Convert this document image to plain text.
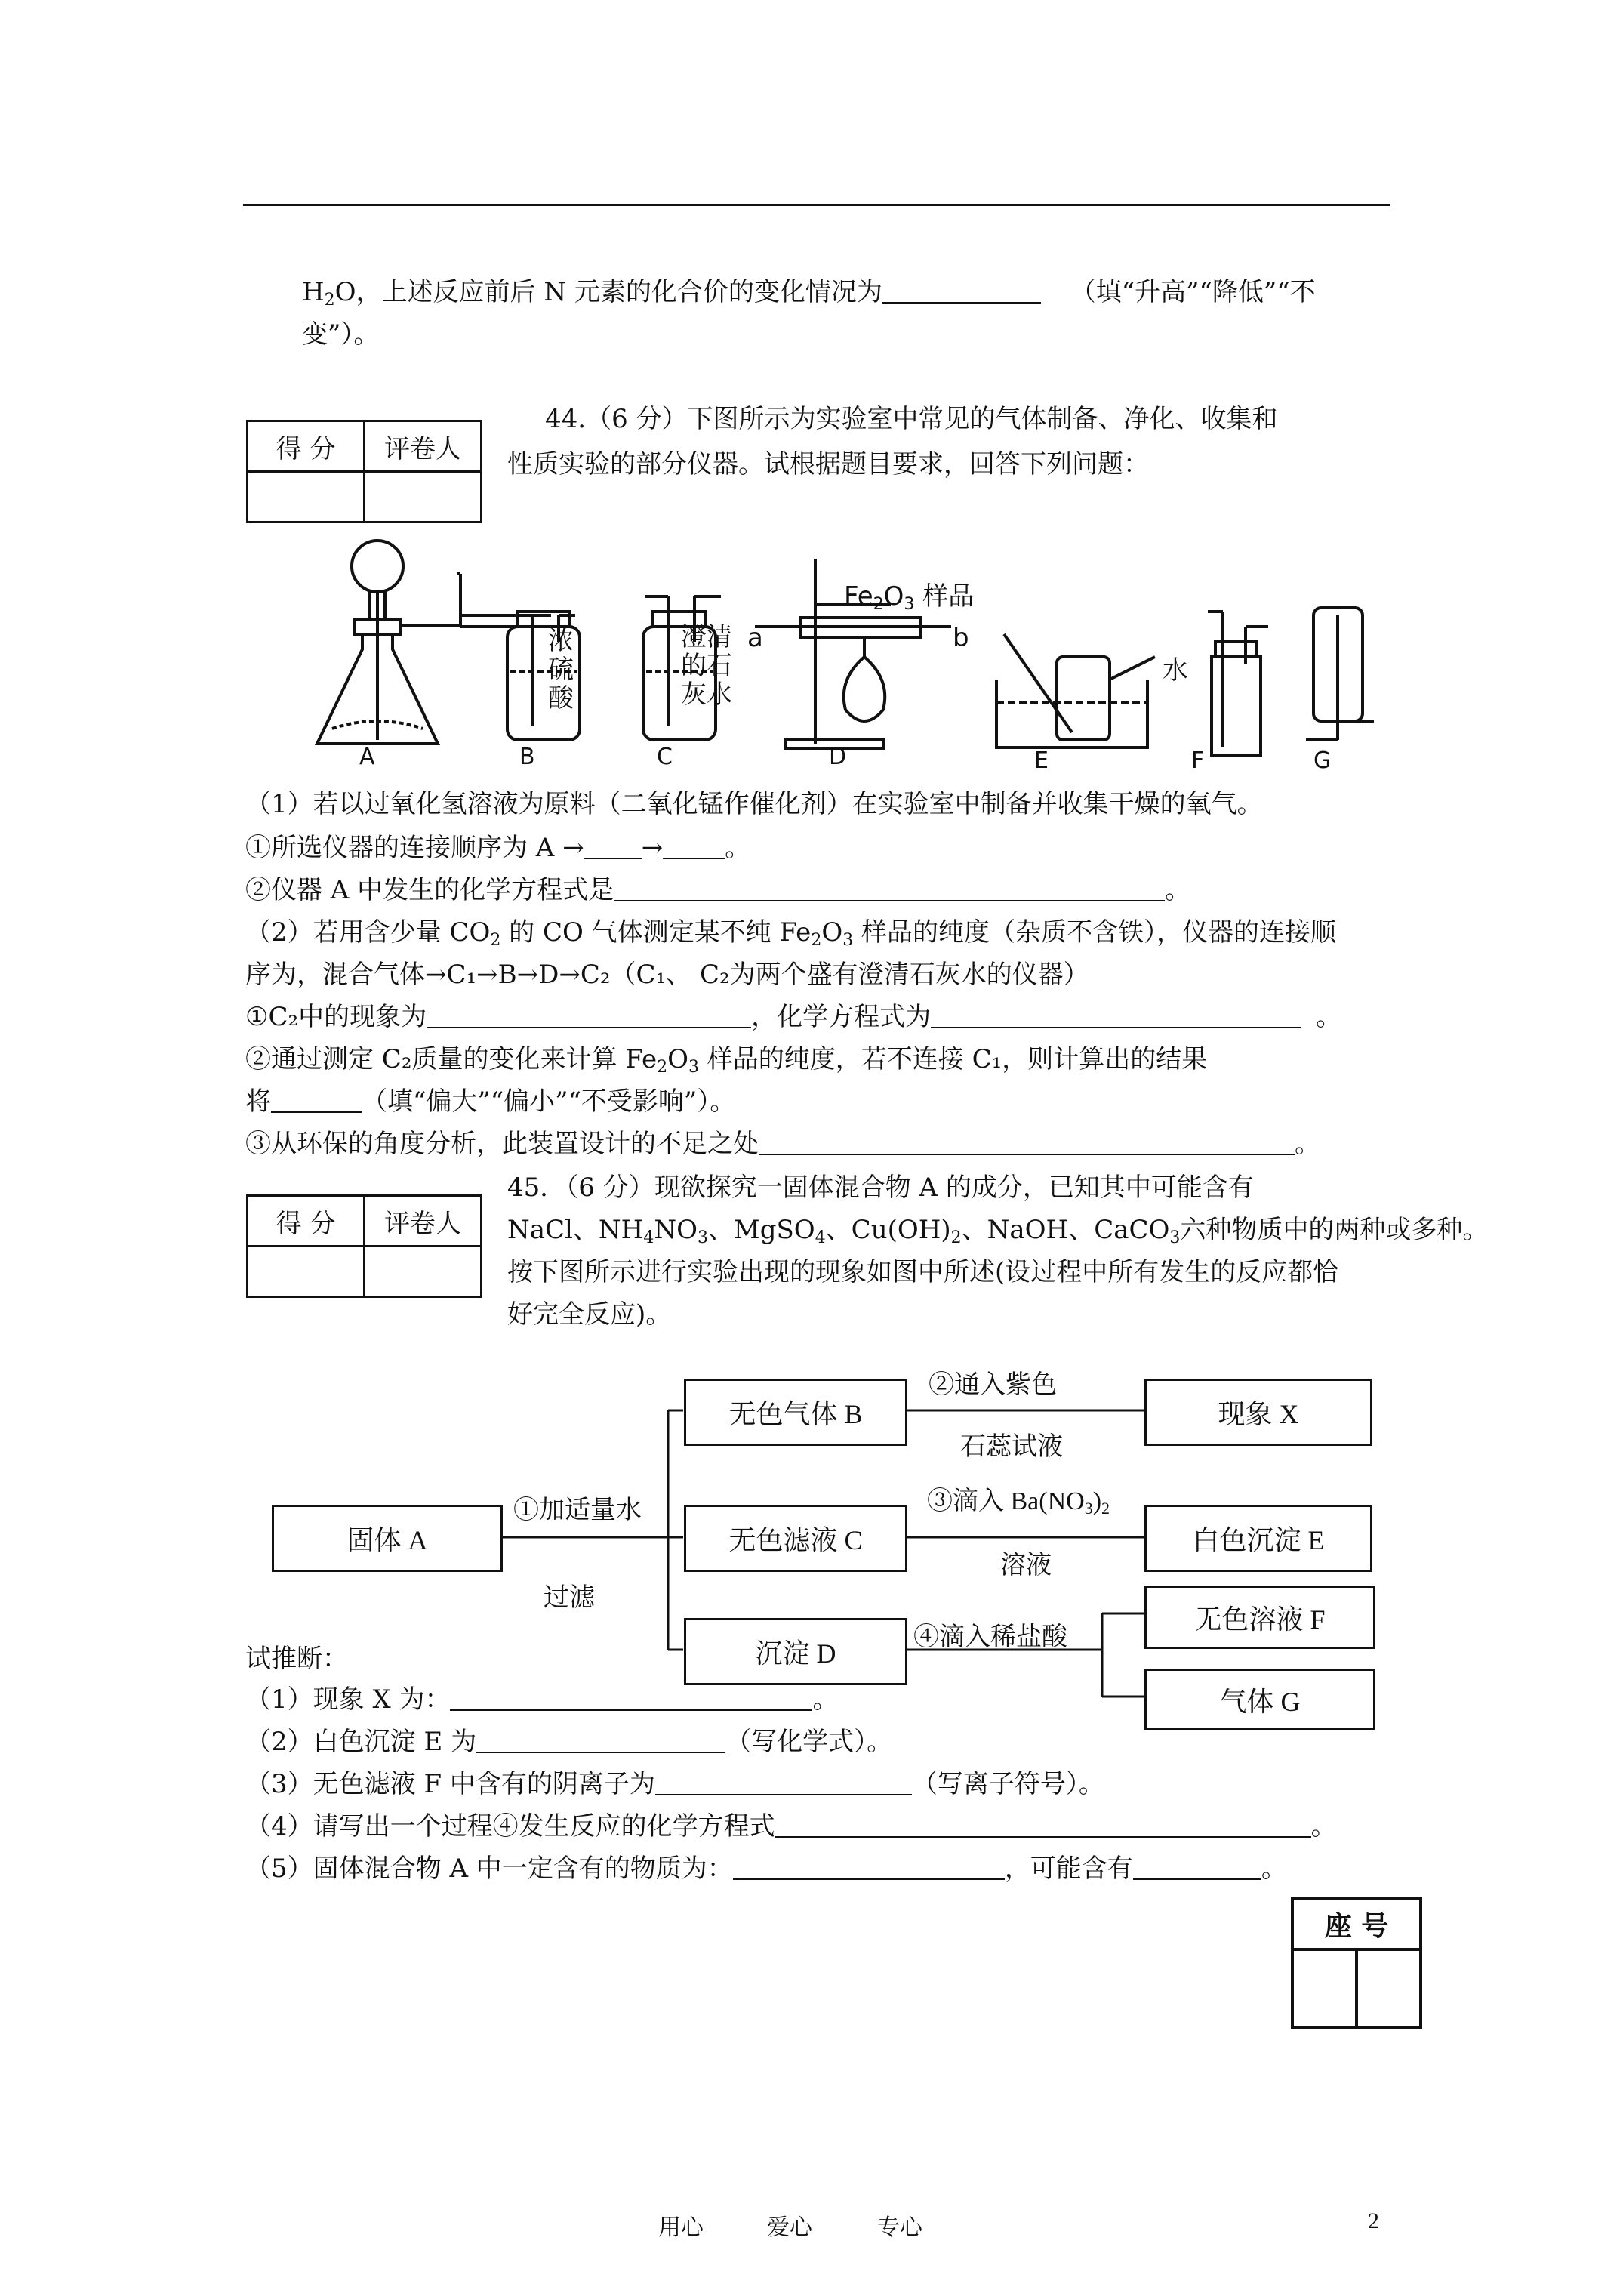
$H_2O$，上述反应前后 N 元素的化合价的变化情况为	（填“升高”“降低”“不
变”）。
得 分	评卷人

44.（6 分）下图所示为实验室中常见的气体制备、净化、收集和
性质实验的部分仪器。试根据题目要求，回答下列问题：
浓硫酸
澄清的石灰水
$Fe_2O_3$ 样品
a	b
水
A	B	C	D	E	F	G
（1）若以过氧化氢溶液为原料（二氧化锰作催化剂）在实验室中制备并收集干燥的氧气。
①所选仪器的连接顺序为 A → → 。
②仪器 A 中发生的化学方程式是	。
（2）若用含少量 $CO_2$ 的 CO 气体测定某不纯 $Fe_2O_3$ 样品的纯度（杂质不含铁），仪器的连接顺
序为，混合气体→C₁→B→D→C₂（C₁、 C₂为两个盛有澄清石灰水的仪器）
①C₂中的现象为	，化学方程式为	。
②通过测定 C₂质量的变化来计算 $Fe_2O_3$ 样品的纯度，若不连接 C₁，则计算出的结果
将	（填“偏大”“偏小”“不受影响”）。
③从环保的角度分析，此装置设计的不足之处	。
得 分	评卷人

45．（6 分）现欲探究一固体混合物 A 的成分，已知其中可能含有
NaCl、$NH_4NO_3$、MgSO$_4$、$Cu(OH)_2$、NaOH、CaCO$_3$六种物质中的两种或多种。
按下图所示进行实验出现的现象如图中所述(设过程中所有发生的反应都恰
好完全反应)。
固体 A
无色气体 B
无色滤液 C
沉淀 D
现象 X
白色沉淀 E
无色溶液 F
气体 G
①加适量水
过滤
②通入紫色
石蕊试液
③滴入 $Ba(NO_3)_2$
溶液
④滴入稀盐酸
试推断：
（1）现象 X 为：	。
（2）白色沉淀 E 为	（写化学式）。
（3）无色滤液 F 中含有的阴离子为	（写离子符号）。
（4）请写出一个过程④发生反应的化学方程式	。
（5）固体混合物 A 中一定含有的物质为：	，可能含有	。
座 号
用心	爱心	专心	2
